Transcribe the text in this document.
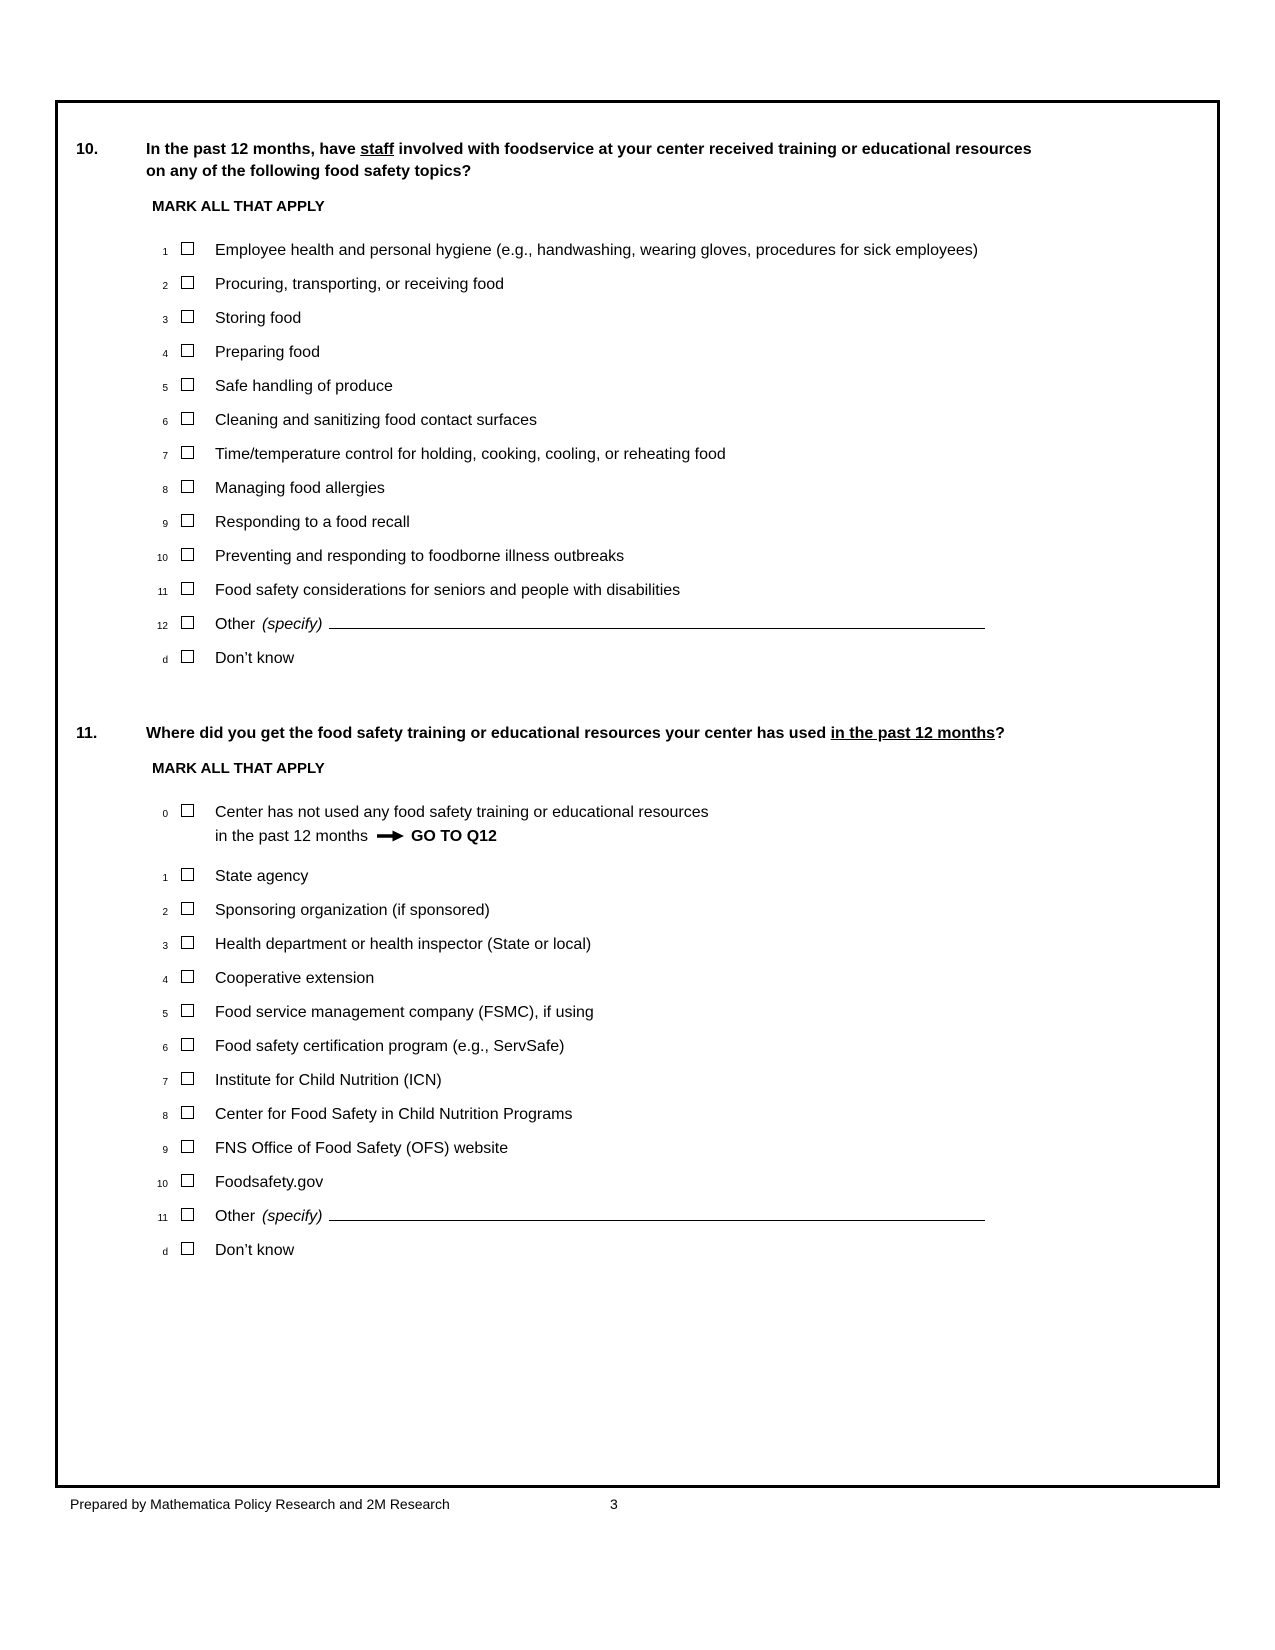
10.	In the past 12 months, have staff involved with foodservice at your center received training or educational resources on any of the following food safety topics?
MARK ALL THAT APPLY
1	Employee health and personal hygiene (e.g., handwashing, wearing gloves, procedures for sick employees)
2	Procuring, transporting, or receiving food
3	Storing food
4	Preparing food
5	Safe handling of produce
6	Cleaning and sanitizing food contact surfaces
7	Time/temperature control for holding, cooking, cooling, or reheating food
8	Managing food allergies
9	Responding to a food recall
10	Preventing and responding to foodborne illness outbreaks
11	Food safety considerations for seniors and people with disabilities
12	Other (specify)
d	Don’t know
11.	Where did you get the food safety training or educational resources your center has used in the past 12 months?
MARK ALL THAT APPLY
0	Center has not used any food safety training or educational resources
in the past 12 months	GO TO Q12
1	State agency
2	Sponsoring organization (if sponsored)
3	Health department or health inspector (State or local)
4	Cooperative extension
5	Food service management company (FSMC), if using
6	Food safety certification program (e.g., ServSafe)
7	Institute for Child Nutrition (ICN)
8	Center for Food Safety in Child Nutrition Programs
9	FNS Office of Food Safety (OFS) website
10	Foodsafety.gov
11	Other (specify)
d	Don’t know
Prepared by Mathematica Policy Research and 2M Research	3
